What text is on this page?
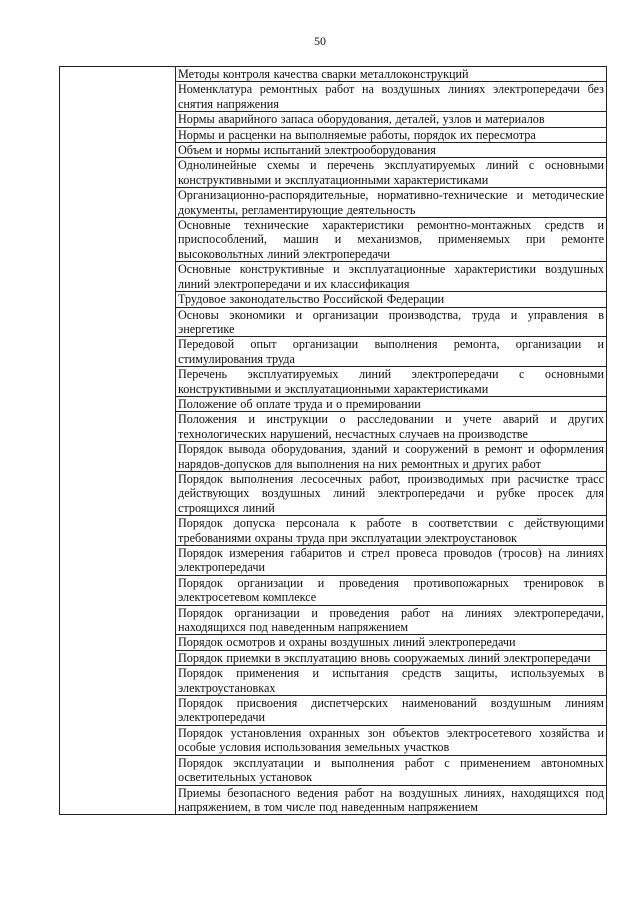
50
	Методы контроля качества сварки металлоконструкций
Номенклатура ремонтных работ на воздушных линиях электропередачи без снятия напряжения
Нормы аварийного запаса оборудования, деталей, узлов и материалов
Нормы и расценки на выполняемые работы, порядок их пересмотра
Объем и нормы испытаний электрооборудования
Однолинейные схемы и перечень эксплуатируемых линий с основными конструктивными и эксплуатационными характеристиками
Организационно-распорядительные, нормативно-технические и методические документы, регламентирующие деятельность
Основные технические характеристики ремонтно-монтажных средств и приспособлений, машин и механизмов, применяемых при ремонте высоковольтных линий электропередачи
Основные конструктивные и эксплуатационные характеристики воздушных линий электропередачи и их классификация
Трудовое законодательство Российской Федерации
Основы экономики и организации производства, труда и управления в энергетике
Передовой опыт организации выполнения ремонта, организации и стимулирования труда
Перечень эксплуатируемых линий электропередачи с основными конструктивными и эксплуатационными характеристиками
Положение об оплате труда и о премировании
Положения и инструкции о расследовании и учете аварий и других технологических нарушений, несчастных случаев на производстве
Порядок вывода оборудования, зданий и сооружений в ремонт и оформления нарядов-допусков для выполнения на них ремонтных и других работ
Порядок выполнения лесосечных работ, производимых при расчистке трасс действующих воздушных линий электропередачи и рубке просек для строящихся линий
Порядок допуска персонала к работе в соответствии с действующими требованиями охраны труда при эксплуатации электроустановок
Порядок измерения габаритов и стрел провеса проводов (тросов) на линиях электропередачи
Порядок организации и проведения противопожарных тренировок в электросетевом комплексе
Порядок организации и проведения работ на линиях электропередачи, находящихся под наведенным напряжением
Порядок осмотров и охраны воздушных линий электропередачи
Порядок приемки в эксплуатацию вновь сооружаемых линий электропередачи
Порядок применения и испытания средств защиты, используемых в электроустановках
Порядок присвоения диспетчерских наименований воздушным линиям электропередачи
Порядок установления охранных зон объектов электросетевого хозяйства и особые условия использования земельных участков
Порядок эксплуатации и выполнения работ с применением автономных осветительных установок
Приемы безопасного ведения работ на воздушных линиях, находящихся под напряжением, в том числе под наведенным напряжением
